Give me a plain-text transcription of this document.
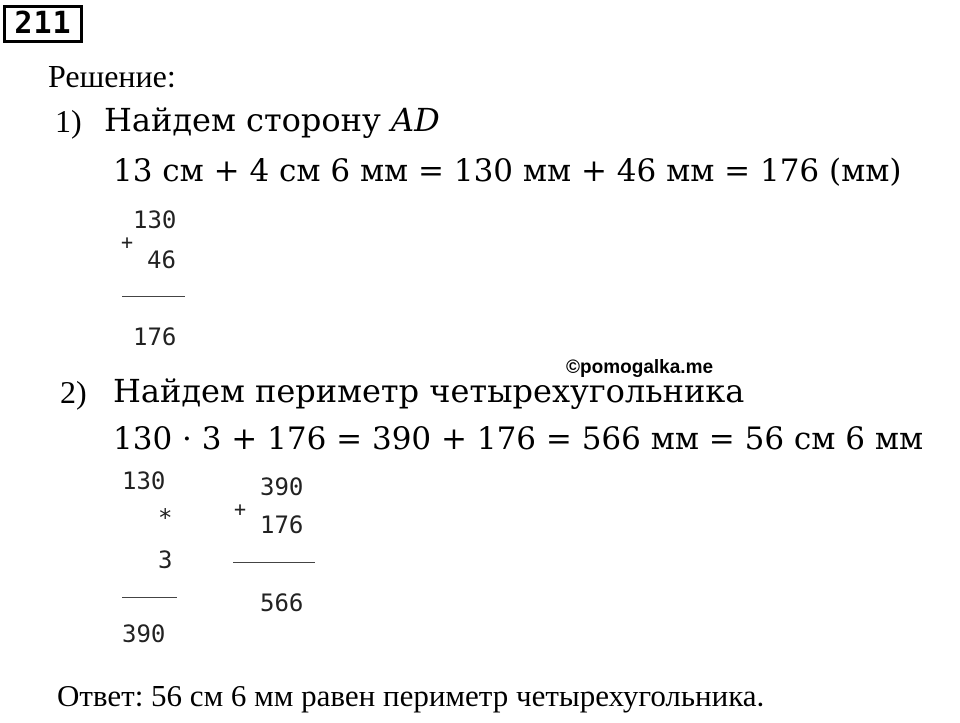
211
Решение:
1) Найдем сторону AD
13 см + 4 см 6 мм = 130 мм + 46 мм = 176 (мм)
130
+
46
176
©pomogalka.me
2) Найдем периметр четырехугольника
130 · 3 + 176 = 390 + 176 = 566 мм = 56 см 6 мм
130
*
3
390
390
+
176
566
Ответ: 56 см 6 мм равен периметр четырехугольника.
